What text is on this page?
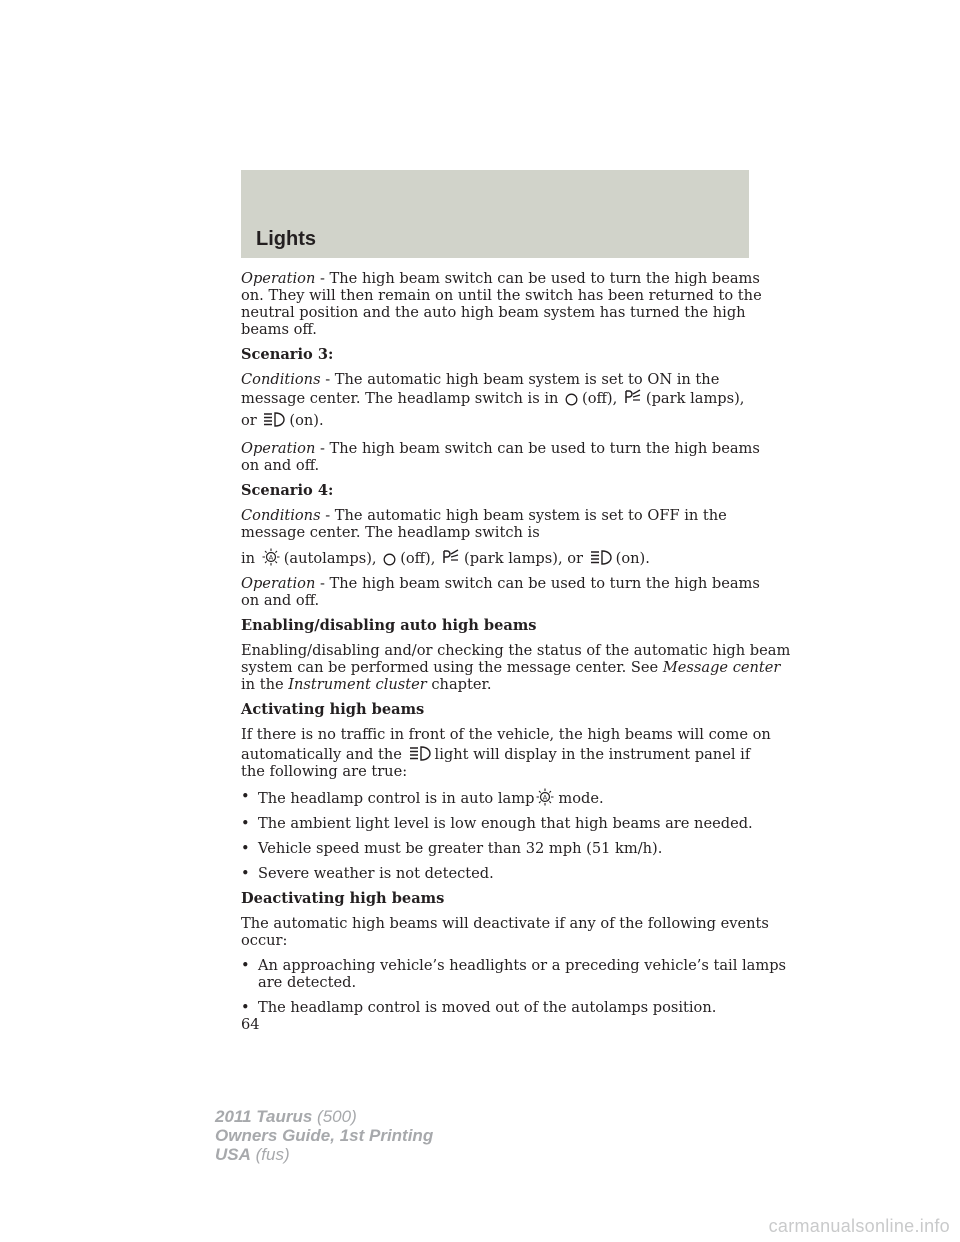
Lights

Operation - The high beam switch can be used to turn the high beams
on. They will then remain on until the switch has been returned to the
neutral position and the auto high beam system has turned the high
beams off.

Scenario 3:

Conditions - The automatic high beam system is set to ON in the
message center. The headlamp switch is in (off), (park lamps),
or (on).

Operation - The high beam switch can be used to turn the high beams
on and off.

Scenario 4:

Conditions - The automatic high beam system is set to OFF in the
message center. The headlamp switch is
in A (autolamps), (off), (park lamps), or (on).

Operation - The high beam switch can be used to turn the high beams
on and off.

Enabling/disabling auto high beams

Enabling/disabling and/or checking the status of the automatic high beam
system can be performed using the message center. See Message center
in the Instrument cluster chapter.

Activating high beams

If there is no traffic in front of the vehicle, the high beams will come on
automatically and the light will display in the instrument panel if
the following are true:

• The headlamp control is in auto lamp A mode.
• The ambient light level is low enough that high beams are needed.
• Vehicle speed must be greater than 32 mph (51 km/h).
• Severe weather is not detected.
Deactivating high beams

The automatic high beams will deactivate if any of the following events
occur:

• An approaching vehicle’s headlights or a preceding vehicle’s tail lamps
are detected.
• The headlamp control is moved out of the autolamps position.
64
2011 Taurus (500)
Owners Guide, 1st Printing
USA (fus)
carmanualsonline.info
